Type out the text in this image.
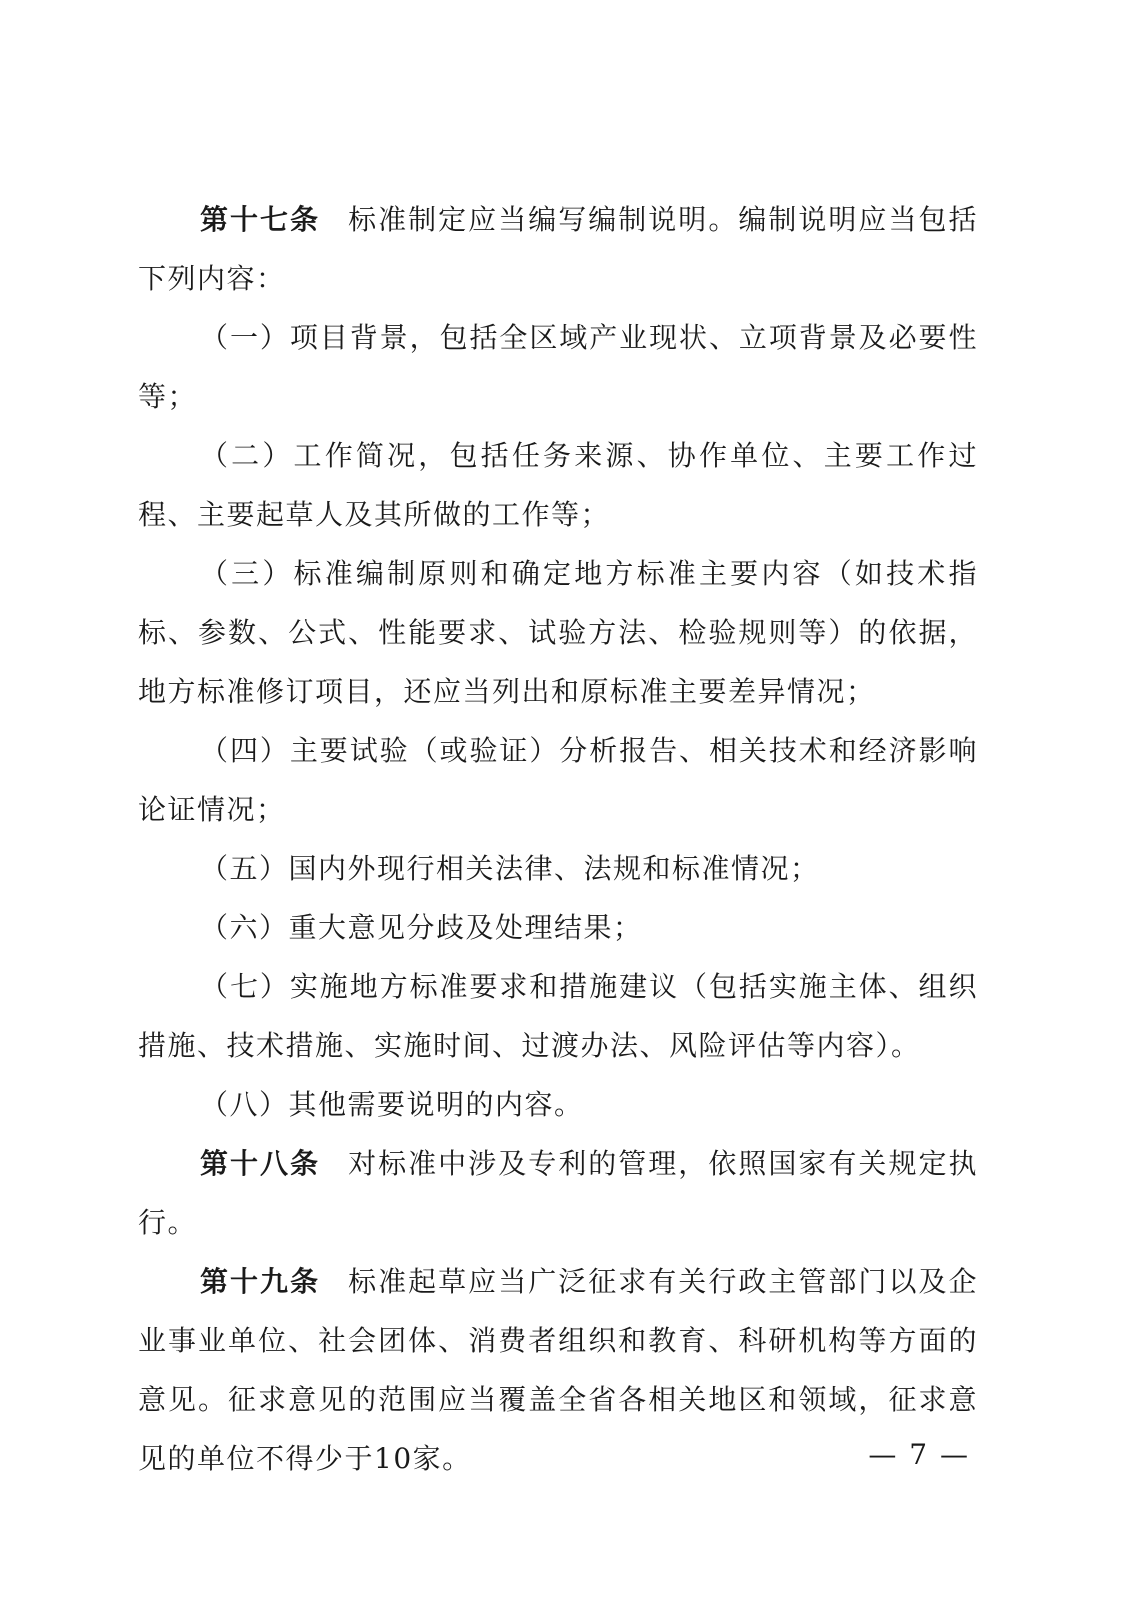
第十七条 标准制定应当编写编制说明。编制说明应当包括下列内容：

（一）项目背景，包括全区域产业现状、立项背景及必要性等；

（二）工作简况，包括任务来源、协作单位、主要工作过程、主要起草人及其所做的工作等；

（三）标准编制原则和确定地方标准主要内容（如技术指标、参数、公式、性能要求、试验方法、检验规则等）的依据，地方标准修订项目，还应当列出和原标准主要差异情况；

（四）主要试验（或验证）分析报告、相关技术和经济影响论证情况；

（五）国内外现行相关法律、法规和标准情况；

（六）重大意见分歧及处理结果；

（七）实施地方标准要求和措施建议（包括实施主体、组织措施、技术措施、实施时间、过渡办法、风险评估等内容）。

（八）其他需要说明的内容。

第十八条 对标准中涉及专利的管理，依照国家有关规定执行。

第十九条 标准起草应当广泛征求有关行政主管部门以及企业事业单位、社会团体、消费者组织和教育、科研机构等方面的意见。征求意见的范围应当覆盖全省各相关地区和领域，征求意见的单位不得少于10家。	— 7 —
